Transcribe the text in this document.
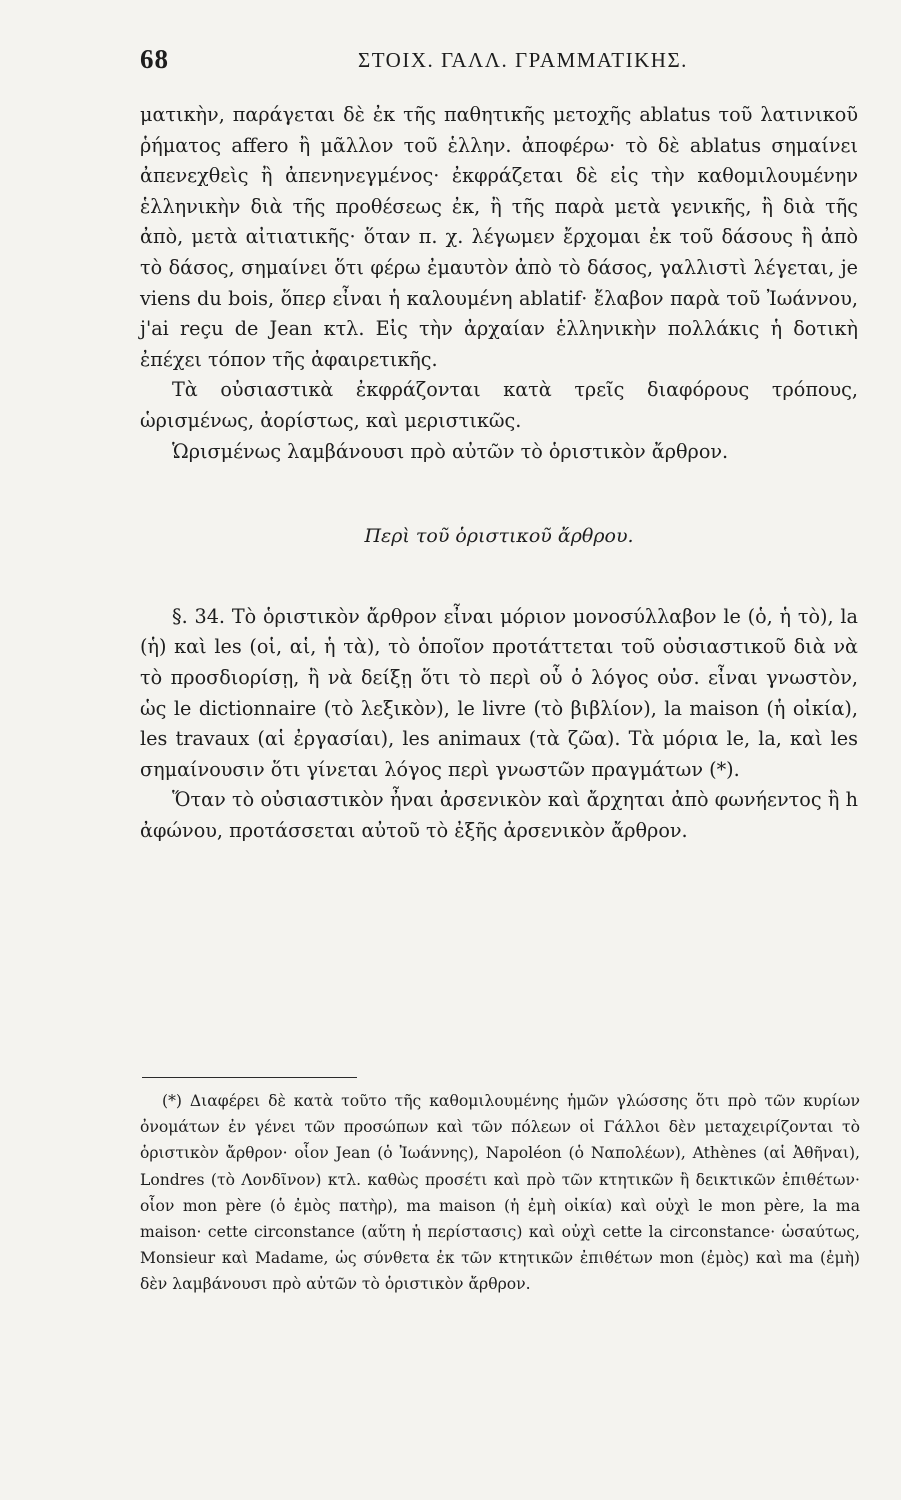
68	ΣΤΟΙΧ. ΓΑΛΛ. ΓΡΑΜΜΑΤΙΚΗΣ.

ματικὴν, παράγεται δὲ ἐκ τῆς παθητικῆς μετοχῆς ablatus τοῦ λατινικοῦ ῥήματος affero ἢ μᾶλλον τοῦ ἑλλην. ἀποφέρω· τὸ δὲ ablatus σημαίνει ἀπενεχθεὶς ἢ ἀπενηνεγμένος· ἐκφράζεται δὲ εἰς τὴν καθομιλουμένην ἑλληνικὴν διὰ τῆς προθέσεως ἐκ, ἢ τῆς παρὰ μετὰ γενικῆς, ἢ διὰ τῆς ἀπὸ, μετὰ αἰτιατικῆς· ὅταν π. χ. λέγωμεν ἔρχομαι ἐκ τοῦ δάσους ἢ ἀπὸ τὸ δάσος, σημαίνει ὅτι φέρω ἐμαυτὸν ἀπὸ τὸ δάσος, γαλλιστὶ λέγεται, je viens du bois, ὅπερ εἶναι ἡ καλουμένη ablatif· ἔλαβον παρὰ τοῦ Ἰωάννου, j'ai reçu de Jean κτλ. Εἰς τὴν ἀρχαίαν ἑλληνικὴν πολλάκις ἡ δοτικὴ ἐπέχει τόπον τῆς ἀφαιρετικῆς.

Τὰ οὐσιαστικὰ ἐκφράζονται κατὰ τρεῖς διαφόρους τρόπους, ὡρισμένως, ἀορίστως, καὶ μεριστικῶς.

Ὡρισμένως λαμβάνουσι πρὸ αὐτῶν τὸ ὁριστικὸν ἄρθρον.

Περὶ τοῦ ὁριστικοῦ ἄρθρου.

§. 34. Τὸ ὁριστικὸν ἄρθρον εἶναι μόριον μονοσύλλαβον le (ὁ, ἡ τὸ), la (ἡ) καὶ les (οἱ, αἱ, ἡ τὰ), τὸ ὁποῖον προτάττεται τοῦ οὐσιαστικοῦ διὰ νὰ τὸ προσδιορίσῃ, ἢ νὰ δείξῃ ὅτι τὸ περὶ οὗ ὁ λόγος οὐσ. εἶναι γνωστὸν, ὡς le dictionnaire (τὸ λεξικὸν), le livre (τὸ βιβλίον), la maison (ἡ οἰκία), les travaux (αἱ ἐργασίαι), les animaux (τὰ ζῶα). Τὰ μόρια le, la, καὶ les σημαίνουσιν ὅτι γίνεται λόγος περὶ γνωστῶν πραγμάτων (*).

Ὅταν τὸ οὐσιαστικὸν ἦναι ἀρσενικὸν καὶ ἄρχηται ἀπὸ φωνήεντος ἢ h ἀφώνου, προτάσσεται αὐτοῦ τὸ ἐξῆς ἀρσενικὸν ἄρθρον.

(*) Διαφέρει δὲ κατὰ τοῦτο τῆς καθομιλουμένης ἡμῶν γλώσσης ὅτι πρὸ τῶν κυρίων ὀνομάτων ἐν γένει τῶν προσώπων καὶ τῶν πόλεων οἱ Γάλλοι δὲν μεταχειρίζονται τὸ ὁριστικὸν ἄρθρον· οἷον Jean (ὁ Ἰωάννης), Napoléon (ὁ Ναπολέων), Athènes (αἱ Ἀθῆναι), Londres (τὸ Λονδῖνον) κτλ. καθὼς προσέτι καὶ πρὸ τῶν κτητικῶν ἢ δεικτικῶν ἐπιθέτων· οἷον mon père (ὁ ἐμὸς πατὴρ), ma maison (ἡ ἐμὴ οἰκία) καὶ οὐχὶ le mon père, la ma maison· cette circonstance (αὕτη ἡ περίστασις) καὶ οὐχὶ cette la circonstance· ὡσαύτως, Monsieur καὶ Madame, ὡς σύνθετα ἐκ τῶν κτητικῶν ἐπιθέτων mon (ἐμὸς) καὶ ma (ἐμὴ) δὲν λαμβάνουσι πρὸ αὐτῶν τὸ ὁριστικὸν ἄρθρον.
